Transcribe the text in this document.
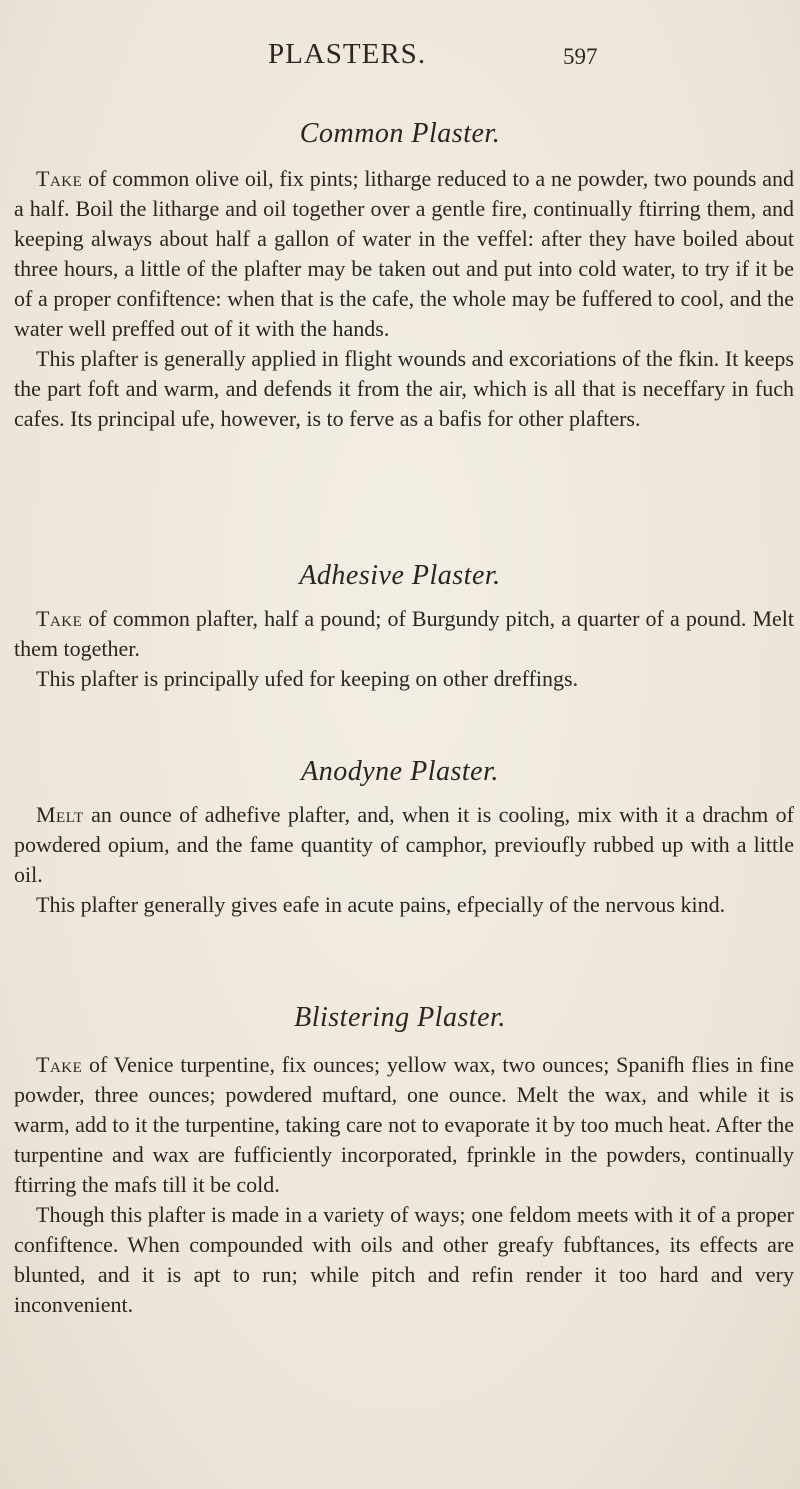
PLASTERS.	597
Common Plaster.

Take of common olive oil, fix pints; litharge reduced to a ne powder, two pounds and a half. Boil the litharge and oil together over a gentle fire, continually ftirring them, and keeping always about half a gallon of water in the veffel: after they have boiled about three hours, a little of the plafter may be taken out and put into cold water, to try if it be of a proper confiftence: when that is the cafe, the whole may be fuffered to cool, and the water well preffed out of it with the hands.

This plafter is generally applied in flight wounds and excoriations of the fkin. It keeps the part foft and warm, and defends it from the air, which is all that is neceffary in fuch cafes. Its principal ufe, however, is to ferve as a bafis for other plafters.

Adhesive Plaster.

Take of common plafter, half a pound; of Burgundy pitch, a quarter of a pound. Melt them together.

This plafter is principally ufed for keeping on other dreffings.

Anodyne Plaster.

Melt an ounce of adhefive plafter, and, when it is cooling, mix with it a drachm of powdered opium, and the fame quantity of camphor, previoufly rubbed up with a little oil.

This plafter generally gives eafe in acute pains, efpecially of the nervous kind.

Blistering Plaster.

Take of Venice turpentine, fix ounces; yellow wax, two ounces; Spanifh flies in fine powder, three ounces; powdered muftard, one ounce. Melt the wax, and while it is warm, add to it the turpentine, taking care not to evaporate it by too much heat. After the turpentine and wax are fufficiently incorporated, fprinkle in the powders, continually ftirring the mafs till it be cold.

Though this plafter is made in a variety of ways; one feldom meets with it of a proper confiftence. When compounded with oils and other greafy fubftances, its effects are blunted, and it is apt to run; while pitch and refin render it too hard and very inconvenient.
